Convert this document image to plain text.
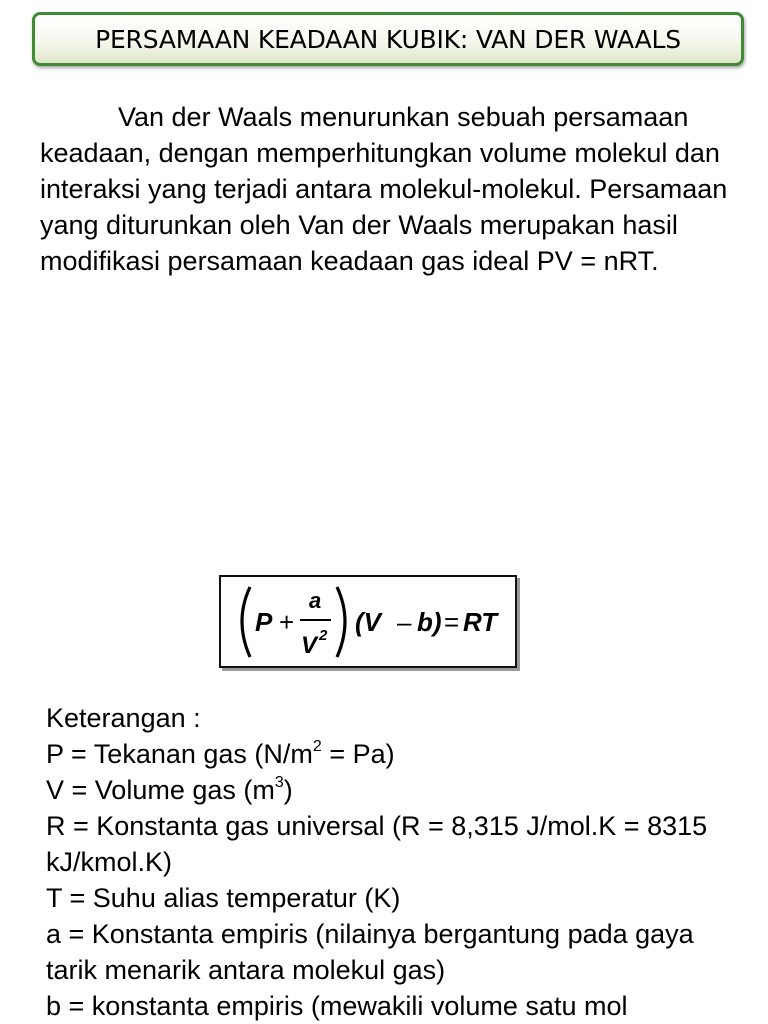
PERSAMAAN KEADAAN KUBIK: VAN DER WAALS

Van der Waals menurunkan sebuah persamaan keadaan, dengan memperhitungkan volume molekul dan interaksi yang terjadi antara molekul-molekul. Persamaan yang diturunkan oleh Van der Waals merupakan hasil modifikasi persamaan keadaan gas ideal PV = nRT.

P +
a
V 2 (V – b) = RT
Keterangan :
P = Tekanan gas $(N/m^2 = Pa)$
V = Volume gas $(m^3)$
R = Konstanta gas universal (R = 8,315 J/mol.K = 8315 kJ/kmol.K)
T = Suhu alias temperatur (K)
a = Konstanta empiris (nilainya bergantung pada gaya tarik menarik antara molekul gas)
b = konstanta empiris (mewakili volume satu mol
